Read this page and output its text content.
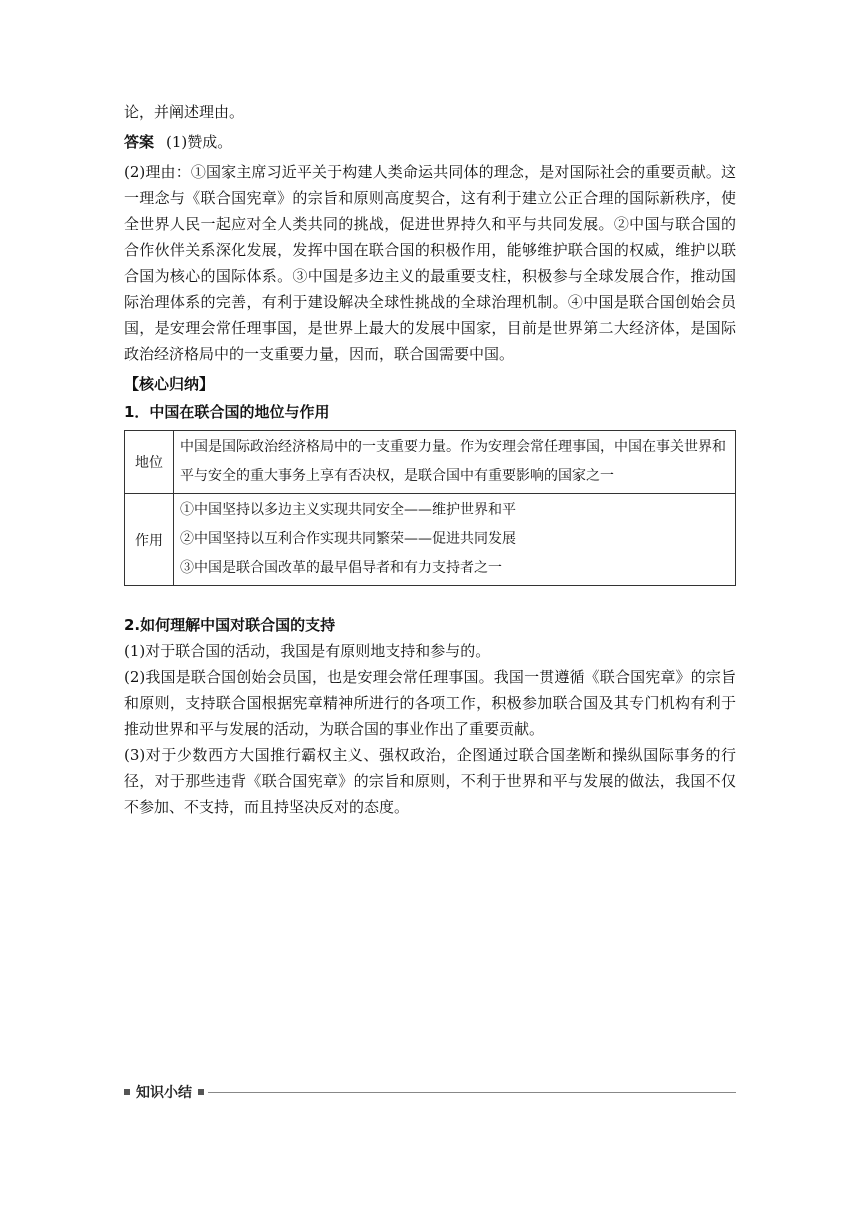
论，并阐述理由。
答案 (1)赞成。

(2)理由：①国家主席习近平关于构建人类命运共同体的理念，是对国际社会的重要贡献。这一理念与《联合国宪章》的宗旨和原则高度契合，这有利于建立公正合理的国际新秩序，使全世界人民一起应对全人类共同的挑战，促进世界持久和平与共同发展。②中国与联合国的合作伙伴关系深化发展，发挥中国在联合国的积极作用，能够维护联合国的权威，维护以联合国为核心的国际体系。③中国是多边主义的最重要支柱，积极参与全球发展合作，推动国际治理体系的完善，有利于建设解决全球性挑战的全球治理机制。④中国是联合国创始会员国，是安理会常任理事国，是世界上最大的发展中国家，目前是世界第二大经济体，是国际政治经济格局中的一支重要力量，因而，联合国需要中国。

【核心归纳】
1．中国在联合国的地位与作用
地位	中国是国际政治经济格局中的一支重要力量。作为安理会常任理事国，中国在事关世界和平与安全的重大事务上享有否决权，是联合国中有重要影响的国家之一
作用	①中国坚持以多边主义实现共同安全——维护世界和平
②中国坚持以互利合作实现共同繁荣——促进共同发展
③中国是联合国改革的最早倡导者和有力支持者之一
2.如何理解中国对联合国的支持

(1)对于联合国的活动，我国是有原则地支持和参与的。

(2)我国是联合国创始会员国，也是安理会常任理事国。我国一贯遵循《联合国宪章》的宗旨和原则，支持联合国根据宪章精神所进行的各项工作，积极参加联合国及其专门机构有利于推动世界和平与发展的活动，为联合国的事业作出了重要贡献。

(3)对于少数西方大国推行霸权主义、强权政治，企图通过联合国垄断和操纵国际事务的行径，对于那些违背《联合国宪章》的宗旨和原则，不利于世界和平与发展的做法，我国不仅不参加、不支持，而且持坚决反对的态度。

知识小结
